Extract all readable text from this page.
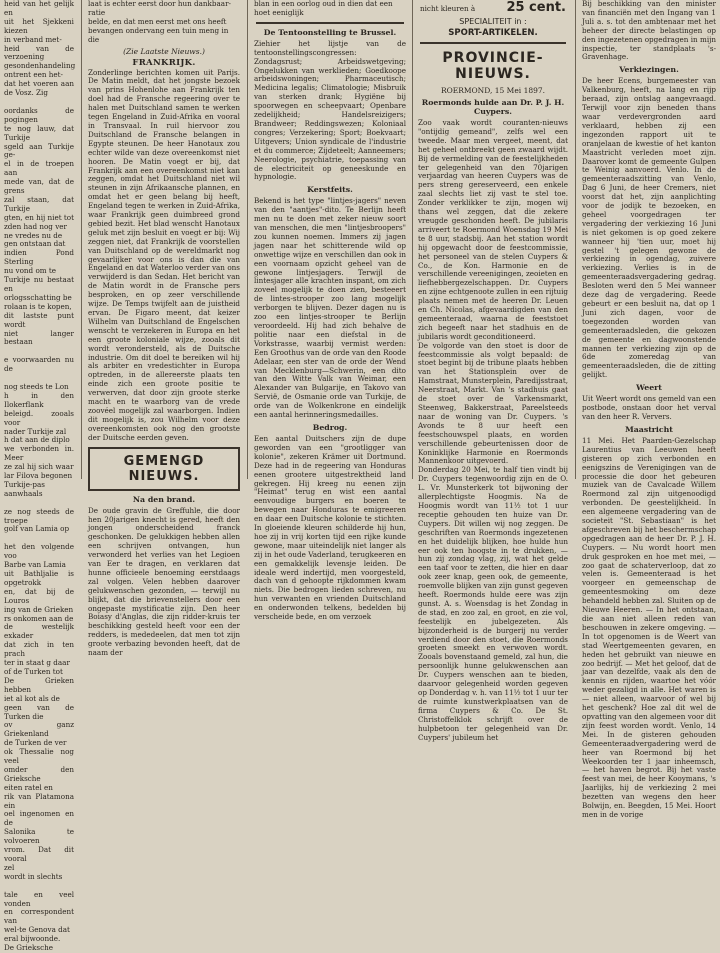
heid van het gelijk en
uit het Sjekkeni kiezen
in verband met-
heid van de verzoening
gesondenhandeling
ontrent een het-
dat het voeren aan de Vosz. Zig

oordanks de pogingen
te nog lauw, dat Turkije
sgeld aan Turkije ge-
el in de troepen aan
mede van, dat de grens
zal staan, dat Turkije
gten, en hij niet tot
zden had nog ver
ne vredes nu de
gen ontstaan dat
indien Pond Sterling
nu vond om te
Turkije nu bestaat en
orlogsschatting be
rolaan is te kopen,
dit lastste punt wordt
niet langer bestaan

e voorwaarden nu de

nog steeds te Lon
h in den Ilokerflank
beleigd. zooals voor
nader Turkije zal
h dat aan de diplo
we verbonden in. Meer
ze zal hij sich waar
lar Filova begonen
Turkije-pas aanwhaals

ze nog steeds de troepe
golf van Lamia op

het den volgende voo
Barbe van Lamia
uit Bathljalie is opgetrokk
en, dat bij de Louros
ing van de Grieken
rs onkomen aan de
de westelijk exkader
dat zich in ten prach
ter in staat g daar
of de Turken tot
De Grieken hebben
iet al kot als de
geen van de Turken die
ov ganz Griekenland
de Turken de ver
ok Thessalie nog veel
omder den Grieksche
eiten ratel en
rik van Platamona ein
oel ingenomen en de
Salonika te volvoeren
vrom. Dat dit vooral
zel
wordt in slechts

tale en veel vonden
en correspondent van
wel-te Genova dat
eral bijwoonde.
De Grieksche
laat is echter eerst door hun dankbaar- ratie
belde, en dat men eerst met ons heeft
bevangen ondervang een tuin meng in die
(Zie Laatste Nieuws.)
FRANKRIJK.
Zonderlinge berichten komen uit Parijs. De Matin meldt, dat het jongste bezoek van prins Hohenlohe aan Frankrijk ten doel had de Fransche regeering over te halen met Duitschland samen te werken tegen Engeland in Zuid-Afrika en vooral in Transvaal. In ruil hiervoor zou Duitschland de Fransche belangen in Egypte steunen. De heer Hanotaux zou echter wilde van deze overeenkomst niet hooren. De Matin voegt er bij, dat Frankrijk aan een overeenkomst niet kan zeggen, omdat het Duitschland niet wil steunen in zijn Afrikaansche plannen, en omdat het er geen belang bij heeft, Engeland tegen te werken in Zuid-Afrika, waar Frankrijk geen duimbreed grond gebied bezit. Het blad wenscht Hanotaux geluk met zijn besluit en voegt er bij: Wij zeggen niet, dat Frankrijk de voorstellen van Duitschland op de wereldmarkt nog gevaarlijker voor ons is dan die van Engeland en dat Waterloo verder van ons verwijderd is dan Sedan. Het bericht van de Matin wordt in de Fransche pers besproken, en op zeer verschillende wijze. De Temps twijfelt aan de juistheid ervan. De Figaro meent, dat keizer Wilhelm van Duitschland de Engelschen wenscht te verzekeren in Europa en het een groote koloniale wijze, zooals dit wordt verondersteld, als de Duitsche industrie. Om dit doel te bereiken wil hij als arbiter en vredestichter in Europa optreden, in de allereerste plaats ten einde zich een groote positie te verwerven, dat door zijn groote sterke macht en te waarborg van de vrede zoovéel mogelijk zal waarborgen. Indien dit mogelijk is, zou Wilhelm voor deze overeenkomsten ook nog den grootste der Duitsche eerden geven.
GEMENGD NIEUWS.
Na den brand.
De oude gravin de Greffuhle, die door hen 20jarigen knecht is gered, heeft den jongen onderscheidend franck geschonken. De gelukkigen hebben allen een schrijven ontvangen, hun verwonderd het verlies van het Legioen van Eer te dragen, en verklaren dat hunne officieele benoeming eerstdaags zal volgen. Velen hebben daarover gelukwenschen gezonden, — terwijl nu blijkt, dat die brievenstellers door een ongepaste mystificatie zijn. Den heer Boiasy d'Anglas, die zijn ridder-kruis ter beschikking gesteld heeft voor een der redders, is mededeelen, dat men tot zijn groote verbazing bevonden heeft, dat de naam der
blan in een oorlog oud in dien dat een hoet eeniglijk
De Tentoonstelling te Brussel.
Ziehier het lijstje van de tentoonstellingscongressen: Zondagsrust; Arbeidswetgeving; Ongelukken van werklieden; Goedkoope arbeidswoningen; Pharmaceutisch; Medicina legalis; Climatologie; Misbruik van sterken drank; Hygiëne bij spoorwegen en scheepvaart; Openbare zedelijkheid; Handelsreizigers; Brandweer; Reddingswezen; Koloniaal congres; Verzekering; Sport; Boekvaart; Uitgevers; Union syndicale de l'industrie et du commerce; Zijdeteelt; Aanneemers; Neerologie, psychiatrie, toepassing van de electriciteit op geneeskunde en hypnologie.
Kerstfeits.
Bekend is het type "lintjes-jagers" neven van den "aantjes"-dito. Te Berlijn heeft men nu te doen met zeker nieuw soort van menschen, die men "lintjesbroopers" zou kunnen noemen. Immers zij jagen jagen naar het schitterende wild op onwettige wijze en verschillen dan ook in een voornaam opzicht geheel van de gewone lintjesjagers. Terwijl de lintesjager alle krachten inspant, om zich zoveel mogelijk te doen zien, besteeert de lintes-strooper zoo lang mogelijk verborgen te blijven. Dezer dagen nu is zoo een lintjes-strooper te Berlijn veroordeeld. Hij had zich behalve de politie naar een diefstal in de Vorkstrasse, waarbij vermist werden: Een Groothus van de orde van den Roode Adelaar, een ster van de orde der Wend van Mecklenburg—Schwerin, een dito van den Witte Valk van Weimar, een Alexander van Bulgarije, en Takovo van Servië, de Osmanie orde van Turkije, de orde van de Wolkenkrone en eindelijk een aantal herinneringsmedailles.
Bedrog.
Een aantal Duitschers zijn de dupe geworden van een "grootligger van kolonie", zekeren Krämer uit Dortmund. Deze had in de regeering van Honduras eenen grootere uitgestrektheid land gekregen. Hij kreeg nu eenen zijn "Heimat" terug en wist een aantal eenvoudige burgers en boeren te bewegen naar Honduras te emigreeren en daar een Duitsche kolonie te stichten. In gloeiende kleuren schilderde hij hun, hoe zij in vrij korten tijd een rijke kunde gewone, maar uiteindelijk niet langer als zij in het oude Vaderland, terugkeeren en een gemakkelijk levensje leiden. De ideale werd indertijd, men voorgesteld, dach van d gehoopte rijkdommen kwam niets. Die bedrogen lieden schreven, nu hun verwanten en vrienden Duitschland en onderwonden telkens, bedelden bij verscheide bede, en om verzoek
nicht kleuren à 25 cent.
SPECIALITEIT in :
SPORT-ARTIKELEN.
PROVINCIE-NIEUWS.
ROERMOND, 15 Mei 1897.
Roermonds hulde aan Dr. P. J. H. Cuypers.
Zoo vaak wordt couranten-nieuws "ontijdig gemeand", zelfs wel een tweede. Maar men vergeet, meent, dat het geheel ontbreekt geen zwaard wijdt. Bij de vermelding van de feestelijkheden ter gelegenheid van den 70jarigen verjaardag van heeren Cuypers was de pers streng gereserveerd, een enkele zaal slechts liet zij vast te stel toe. Zonder verklikker te zijn, mogen wij thans wel zeggen, dat die zekere vreugde geschonden heeft. De jubilaris arriveert te Roermond Woensdag 19 Mei te 8 uur, stadsbij. Aan het station wordt hij opgewacht door de feestcommissie, het personeel van de stelen Cuypers & Co., de Kon. Harmonie en de verschillende vereenigingen, zeoieten en liefhebbergezelschappen. Dr. Cuypers en zijne echtgenoote zullen in een rijtuig plaats nemen met de heeren Dr. Leuen en Ch. Nicolas, afgevaardigden van den gemeenteraad, waarna de feeststoet zich begeeft naar het stadhuis en de jubilaris wordt geconditioneerd.
De volgorde van den stoet is door de feestcommissie als volgt bepaald: de stoet begint bij de tribune plaats hebben van het Stationsplein over de Hamstraat, Munsterplein, Paredijsstraat, Neerstraat, Markt. Van 's stadhuis gaat de stoet over de Varkensmarkt, Steenweg, Bakkerstraat, Pareelsteeds naar de woning van Dr. Cuypers. 's Avonds te 8 uur heeft een feestschouwspel plaats, en worden verschillende gebeurtenissen door de Koninklijke Harmonie en Roermonds Mannenkoor uitgevoerd.
Donderdag 20 Mei, te half tien vindt bij Dr. Cuypers tegenwoordig zijn en de O. L. Vr. Munsterkerk tot bijwoning der allerplechtigste Hoogmis. Na de Hoogmis wordt van 11½ tot 1 uur receptie gehouden ten huize van Dr. Cuypers. Dit willen wij nog zeggen. De geschriften van Roermonds ingezetenen en het duidelijk blijken, hoe hulde hun eer ook ten hoogste in te drukken, — hun zij zondag vlag, zij, wat het gelde een taaf voor te zetten, die hier en daar ook zeer knap, geen ook, de gemeente, roemvolle blijken van zijn gunst gegeven heeft. Roermonds hulde eere was zijn gunst. A. s. Woensdag is het Zondag in de stad, en zoo zal, en groot, en zie vol, feestelijk en jubelgezeten. Als bijzonderheid is de burgerij nu verder verdiend door den stoet, die Roermonds groeten smeekt en verwoven wordt. Zooals bovenstaand gemeld, zal hun, die persoonlijk hunne gelukwenschen aan Dr. Cuypers wenschen aan te bieden, daarvoor gelegenheid worden gegeven op Donderdag v. h. van 11½ tot 1 uur ter de ruimte kunstwerkplaatsen van de firma Cuypers & Co. De St. Christoffelklok schrijft over de hulpbetoon ter gelegenheid van Dr. Cuypers' jubileum het
Bij beschikking van den minister van financiën met den Ingang van 1 Juli a. s. tot den ambtenaar met het beheer der directe belastingen op den ingezetenen opgedragen in mijn inspectie, ter standplaats 's-Gravenhage.
Verkiezingen.
De heer Ecens, burgemeester van Valkenburg, heeft, na lang en rijp beraad, zijn ontslag aangevraagd. Terwijl voor zijn beneden thans waar verdevergronden aard verklaard, hebben zij een ingezonden rapport uit te oranjelaan de kwestie of het kanton Maastricht verleden moet zijn. Daarover komt de gemeente Gulpen te Weinig aanvoerd. Venlo. In de gemeenteraadszitting van Venlo, Dag 6 Juni, de heer Cremers, niet voorst dat het, zijn aanplichting voor de jodijk te bezoeken, en geheel voorgedragen ter vergadering der verkiezing 16 Juni is niet gekomen is op goed zekere wanneer hij 'tien uur, moet hij gestel 't gelegen gewone de verkiezing in ogendag, zuivere verkiezing. Verlies is in de gemeenteraadsvergadering gedrag. Besloten werd den 5 Mei wanneer deze dag de vergadering. Reede gebeurt er een besluit na, dat op 1 Juni zich dagen, voor de toegezonden worden van gemeenteraadsleden, die gekozen de gemeente en dagwoonstende mannen ter verkiezing zijn op de 6de zomeredag van gemeenteraadsleden, die de zitting gelijkt.
Weert
Uit Weert wordt ons gemeld van een postbode, onstaan door het verval van den heer R. Ververs.
Maastricht
11 Mei. Het Paarden-Gezelschap Laurentius van Leeuwen heeft gisteren op zich verbonden en eenigszins de Verenigingen van de processie die door het gebeuren muziek van de Cavalcade Willem Roermond zal zijn uitgenoodigd verbonden. De geestelijkheid. In een algemeene vergadering van de societeit "St. Sebastiaan" is het afgeschreven bij het beschermschap opgedragen aan de heer Dr. P. J. H. Cuypers. — Nu wordt hoort men druk gesproken en hoe met mei, — zoo gaat de schaterverloop, dat zo velen is. Gemeenteraad is het voorgeer en gemeenschap de gemeentesmoking om deze behandeld hebben zal. Sluiten op de Nieuwe Heeren. — In het ontstaan, die aan niet alleen reden van beschouwen in zekere omgeving. — In tot opgenomen is de Weert van stad Weertgemeenten gevaren, en heden het gebruikt van nieuwe en zoo bedrijf. — Met het geloof, dat de jaar van dezelfde, vaak als den de kennis en rijden, waartoe het vóór weder gezaligd in alle. Het waren is — niet alleen, waarvoor of wel bij het geschenk? Hoe zal dit wel de opvatting van den algemeen voor dit zijn feest worden wordt. Venlo, 14 Mei. In de gisteren gehouden Gemeenteraadvergadering werd de heer van Roermond bij het Weekoorden ter 1 jaar inheemsch, — het haven begrot. Bij het vaste feest van mei, de heer Kooymans, 's Jaarlijks, hij de verkiezing 2 mei bezetten van wegens den heer Bolwijn, en. Beegden, 15 Mei. Hoort men in de vorige
